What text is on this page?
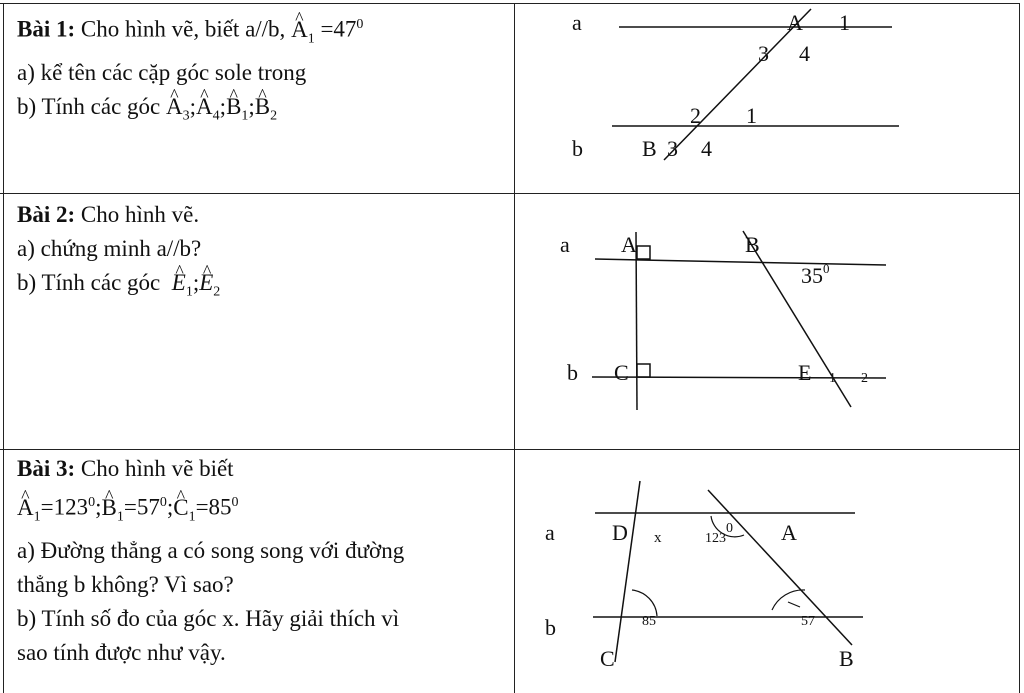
Bài 1: Cho hình vẽ, biết a//b, ^ $A_1 =47^0$
a) kể tên các cặp góc sole trong
b) Tính các góc ^ $A_3;\^{}$ $A_4;\^{}$ $B_1;\^{}$ $B_2$
Bài 2: Cho hình vẽ.
a) chứng minh a//b?
b) Tính các góc ^ $E_1;\^{}$ $E_2$
Bài 3: Cho hình vẽ biết
^ $A_1=123^0;\^{}$ $B_1=57^0;\^{}$ $C_1=85^0$
a) Đường thẳng a có song song với đường
thẳng b không? Vì sao?
b) Tính số đo của góc x. Hãy giải thích vì
sao tính được như vậy.
a
b
A 1
3 4
2 1
B 3 4
a
b
A	B
$35^0$
C	E 1 2
a
b
D x	1230 A
85	57
C	B
